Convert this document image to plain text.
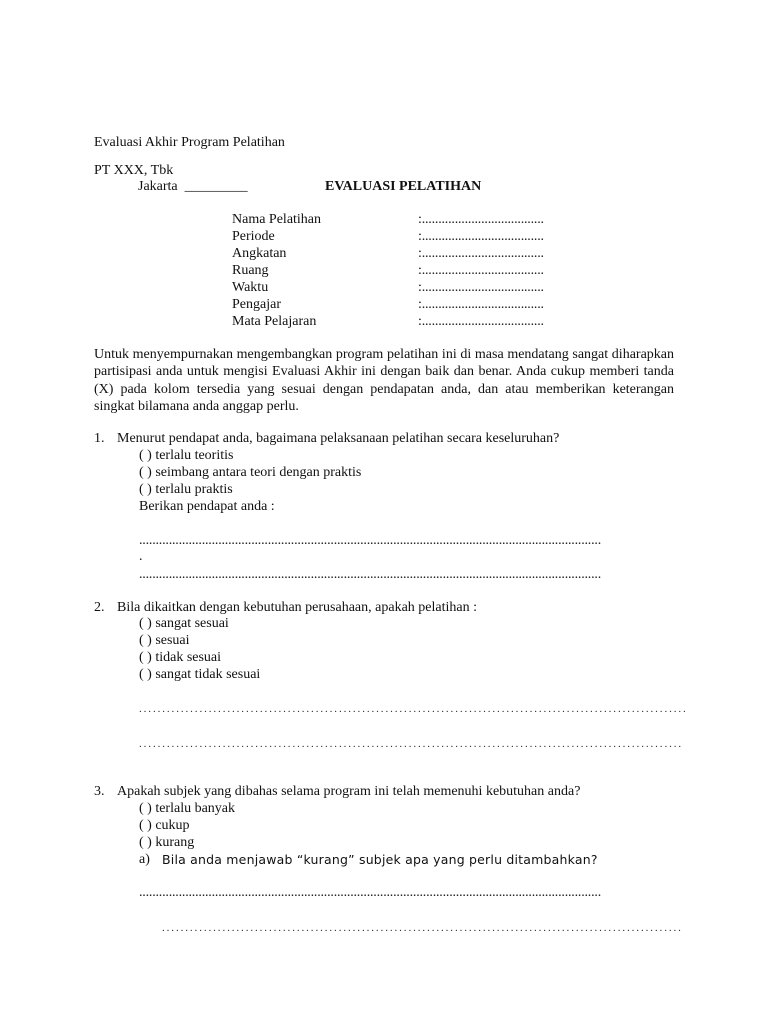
Evaluasi Akhir Program Pelatihan
PT XXX, Tbk
Jakarta  _________	EVALUASI PELATIHAN
Nama Pelatihan	:.....................................
Periode	:.....................................
Angkatan	:.....................................
Ruang	:.....................................
Waktu	:.....................................
Pengajar	:.....................................
Mata Pelajaran	:.....................................
Untuk menyempurnakan mengembangkan program pelatihan ini di masa mendatang sangat diharapkan partisipasi anda untuk mengisi Evaluasi Akhir ini dengan baik dan benar. Anda cukup memberi tanda (X) pada kolom tersedia yang sesuai dengan pendapatan anda, dan atau memberikan keterangan singkat bilamana anda anggap perlu.
1. Menurut pendapat anda, bagaimana pelaksanaan pelatihan secara keseluruhan?
( ) terlalu teoritis
( ) seimbang antara teori dengan praktis
( ) terlalu praktis
Berikan pendapat anda :
............................................................................................................................................
.
............................................................................................................................................
2. Bila dikaitkan dengan kebutuhan perusahaan, apakah pelatihan :
( ) sangat sesuai
( ) sesuai
( ) tidak sesuai
( ) sangat tidak sesuai
......................................................................................................................
.....................................................................................................................
3. Apakah subjek yang dibahas selama program ini telah memenuhi kebutuhan anda?
( ) terlalu banyak
( ) cukup
( ) kurang
a) Bila anda menjawab “kurang” subjek apa yang perlu ditambahkan?
............................................................................................................................................
................................................................................................................
